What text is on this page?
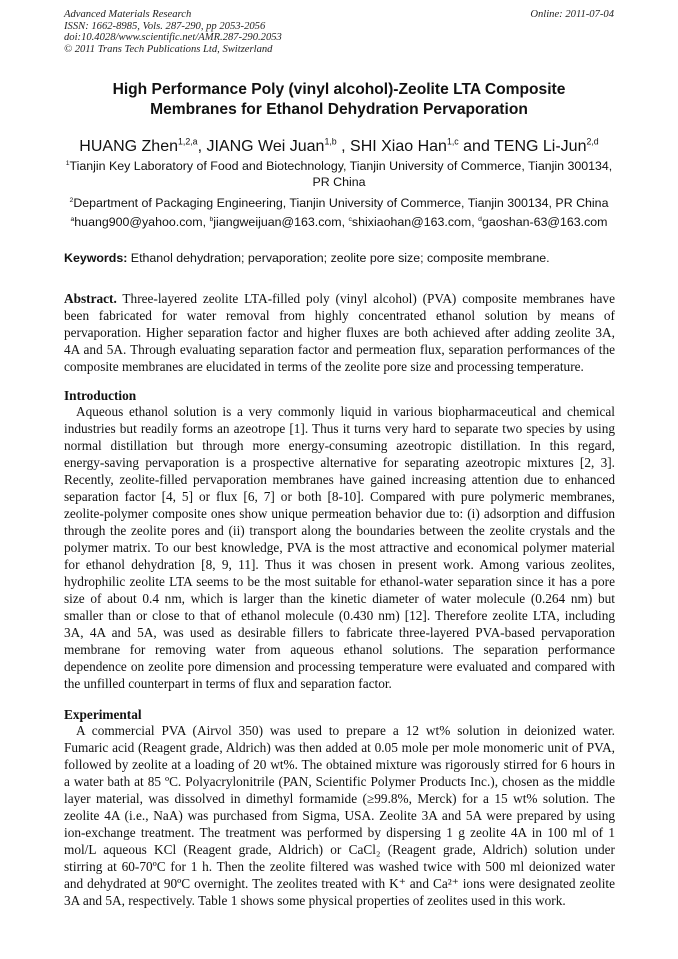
Advanced Materials Research
ISSN: 1662-8985, Vols. 287-290, pp 2053-2056
doi:10.4028/www.scientific.net/AMR.287-290.2053
© 2011 Trans Tech Publications Ltd, Switzerland
Online: 2011-07-04
High Performance Poly (vinyl alcohol)-Zeolite LTA Composite
Membranes for Ethanol Dehydration Pervaporation
HUANG Zhen$^{1,2,a}$, JIANG Wei Juan$^{1,b}$ , SHI Xiao Han$^{1,c}$ and TENG Li-Jun$^{2,d}$
$^1$Tianjin Key Laboratory of Food and Biotechnology, Tianjin University of Commerce, Tianjin 300134, PR China
$^2$Department of Packaging Engineering, Tianjin University of Commerce, Tianjin 300134, PR China
$^a$huang900@yahoo.com, $^b$jiangweijuan@163.com, $^c$shixiaohan@163.com, $^d$gaoshan-63@163.com
Keywords: Ethanol dehydration; pervaporation; zeolite pore size; composite membrane.
Abstract. Three-layered zeolite LTA-filled poly (vinyl alcohol) (PVA) composite membranes have
been fabricated for water removal from highly concentrated ethanol solution by means of
pervaporation. Higher separation factor and higher fluxes are both achieved after adding zeolite 3A,
4A and 5A. Through evaluating separation factor and permeation flux, separation performances of the
composite membranes are elucidated in terms of the zeolite pore size and processing temperature.
Introduction
Aqueous ethanol solution is a very commonly liquid in various biopharmaceutical and chemical
industries but readily forms an azeotrope [1]. Thus it turns very hard to separate two species by using
normal distillation but through more energy-consuming azeotropic distillation. In this regard,
energy-saving pervaporation is a prospective alternative for separating azeotropic mixtures [2, 3].
Recently, zeolite-filled pervaporation membranes have gained increasing attention due to enhanced
separation factor [4, 5] or flux [6, 7] or both [8-10]. Compared with pure polymeric membranes,
zeolite-polymer composite ones show unique permeation behavior due to: (i) adsorption and diffusion
through the zeolite pores and (ii) transport along the boundaries between the zeolite crystals and the
polymer matrix. To our best knowledge, PVA is the most attractive and economical polymer material
for ethanol dehydration [8, 9, 11]. Thus it was chosen in present work. Among various zeolites,
hydrophilic zeolite LTA seems to be the most suitable for ethanol-water separation since it has a pore
size of about 0.4 nm, which is larger than the kinetic diameter of water molecule (0.264 nm) but
smaller than or close to that of ethanol molecule (0.430 nm) [12]. Therefore zeolite LTA, including
3A, 4A and 5A, was used as desirable fillers to fabricate three-layered PVA-based pervaporation
membrane for removing water from aqueous ethanol solutions. The separation performance
dependence on zeolite pore dimension and processing temperature were evaluated and compared with
the unfilled counterpart in terms of flux and separation factor.
Experimental
A commercial PVA (Airvol 350) was used to prepare a 12 wt% solution in deionized water.
Fumaric acid (Reagent grade, Aldrich) was then added at 0.05 mole per mole monomeric unit of PVA,
followed by zeolite at a loading of 20 wt%. The obtained mixture was rigorously stirred for 6 hours in
a water bath at 85 ºC. Polyacrylonitrile (PAN, Scientific Polymer Products Inc.), chosen as the middle
layer material, was dissolved in dimethyl formamide (≥99.8%, Merck) for a 15 wt% solution. The
zeolite 4A (i.e., NaA) was purchased from Sigma, USA. Zeolite 3A and 5A were prepared by using
ion-exchange treatment. The treatment was performed by dispersing 1 g zeolite 4A in 100 ml of 1
mol/L aqueous KCl (Reagent grade, Aldrich) or CaCl₂ (Reagent grade, Aldrich) solution under
stirring at 60-70ºC for 1 h. Then the zeolite filtered was washed twice with 500 ml deionized water
and dehydrated at 90ºC overnight. The zeolites treated with K⁺ and Ca²⁺ ions were designated zeolite
3A and 5A, respectively. Table 1 shows some physical properties of zeolites used in this work.
